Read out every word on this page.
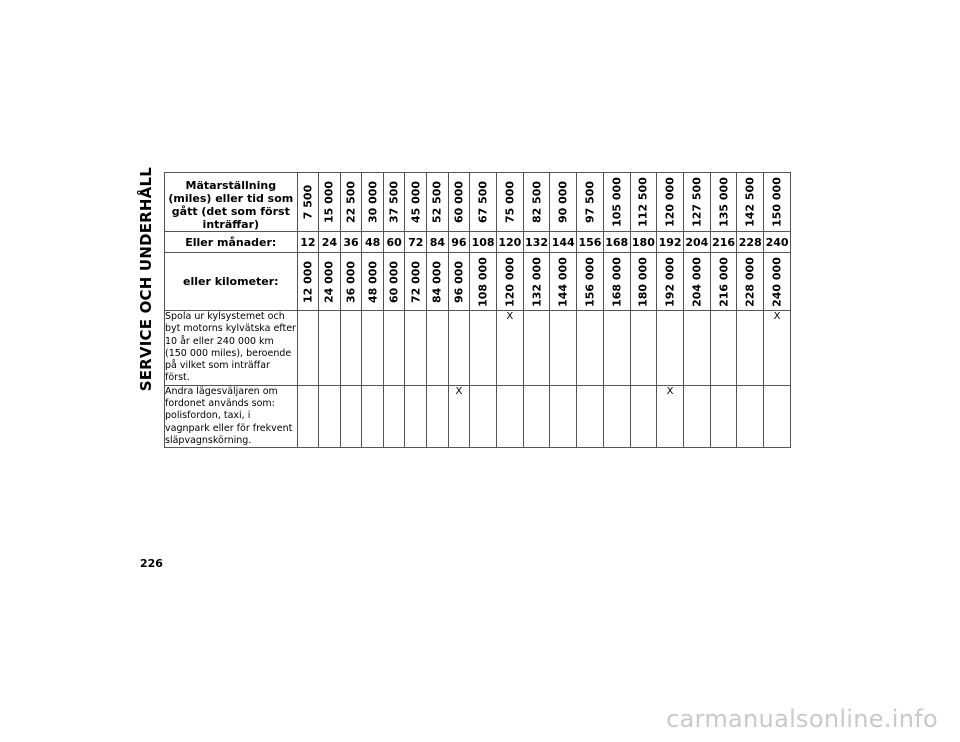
SERVICE OCH UNDERHÅLL	Mätarställning (miles) eller tid som gått (det som först inträffar)	7 500	15 000	22 500	30 000	37 500	45 000	52 500	60 000	67 500	75 000	82 500	90 000	97 500	105 000	112 500	120 000	127 500	135 000	142 500	150 000

Eller månader:	12	24	36	48	60	72	84	96	108	120	132	144	156	168	180	192	204	216	228	240
eller kilometer:	12 000	24 000	36 000	48 000	60 000	72 000	84 000	96 000	108 000	120 000	132 000	144 000	156 000	168 000	180 000	192 000	204 000	216 000	228 000	240 000

Spola ur kylsystemet och byt motorns kylvätska efter 10 år eller 240 000 km (150 000 miles), beroende på vilket som inträffar först.										X										X
Ändra lägesväljaren om fordonet används som: polisfordon, taxi, i vagnpark eller för frekvent släpvagnskörning.								X								X				
226
carmanualsonline.info
